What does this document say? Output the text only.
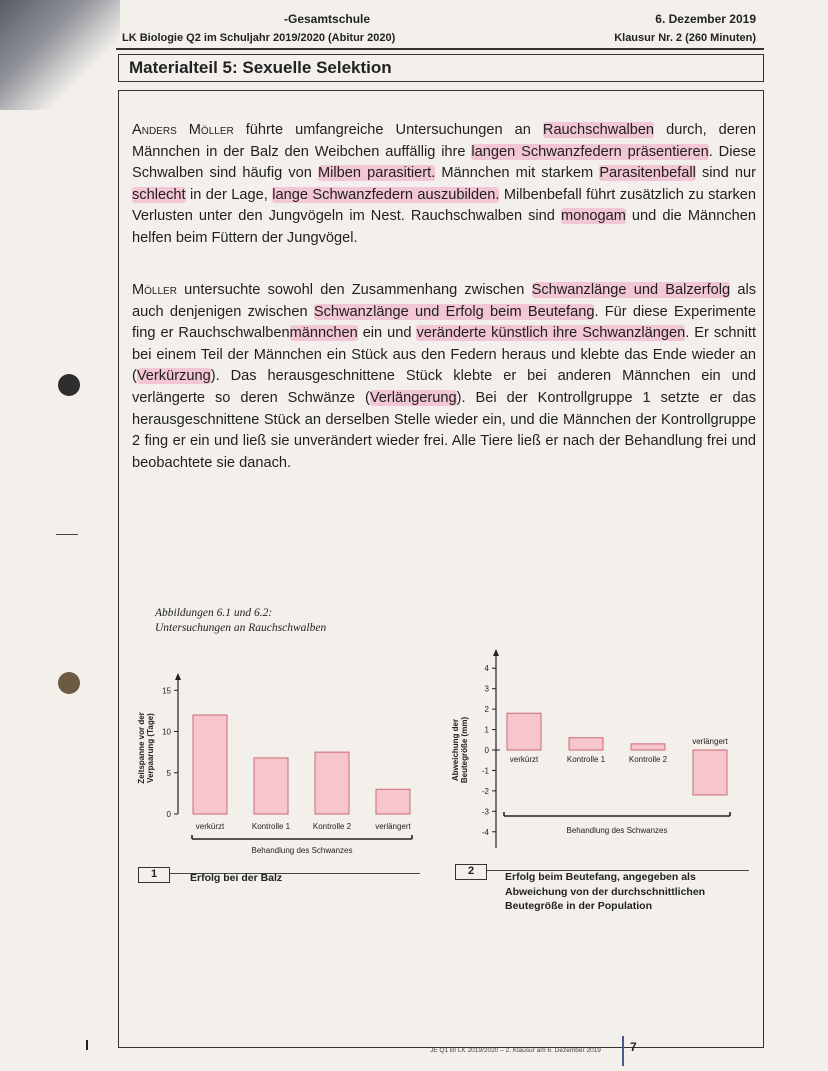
-Gesamtschule
LK Biologie Q2 im Schuljahr 2019/2020 (Abitur 2020)
6. Dezember 2019
Klausur Nr. 2 (260 Minuten)
Materialteil 5: Sexuelle Selektion

Anders Möller führte umfangreiche Untersuchungen an Rauchschwalben durch, deren Männchen in der Balz den Weibchen auffällig ihre langen Schwanzfedern präsentieren. Diese Schwalben sind häufig von Milben parasitiert. Männchen mit starkem Parasitenbefall sind nur schlecht in der Lage, lange Schwanzfedern auszubilden. Milbenbefall führt zusätzlich zu starken Verlusten unter den Jungvögeln im Nest. Rauchschwalben sind monogam und die Männchen helfen beim Füttern der Jungvögel.

Möller untersuchte sowohl den Zusammenhang zwischen Schwanzlänge und Balzerfolg als auch denjenigen zwischen Schwanzlänge und Erfolg beim Beutefang. Für diese Experimente fing er Rauchschwalbenmännchen ein und veränderte künstlich ihre Schwanzlängen. Er schnitt bei einem Teil der Männchen ein Stück aus den Federn heraus und klebte das Ende wieder an (Verkürzung). Das herausgeschnittene Stück klebte er bei anderen Männchen ein und verlängerte so deren Schwänze (Verlängerung). Bei der Kontrollgruppe 1 setzte er das herausgeschnittene Stück an derselben Stelle wieder ein, und die Männchen der Kontrollgruppe 2 fing er ein und ließ sie unverändert wieder frei. Alle Tiere ließ er nach der Behandlung frei und beobachtete sie danach.

Abbildungen 6.1 und 6.2:
Untersuchungen an Rauchschwalben
0
5
10
15
Zeitspanne vor der Verpaarung (Tage)
verkürzt	Kontrolle 1	Kontrolle 2	verlängert
Behandlung des Schwanzes
-4
-3
-2
-1
0
1
2
3
4
Abweichung der Beutegröße (mm)	verkürzt	Kontrolle 1	Kontrolle 2
verlängert
Behandlung des Schwanzes
1	2
Erfolg bei der Balz	Erfolg beim Beutefang, angegeben als Abweichung von der durchschnittlichen Beutegröße in der Population
JE Q1 BI LK 2019/2020 – 2. Klausur am 6. Dezember 2019 7
